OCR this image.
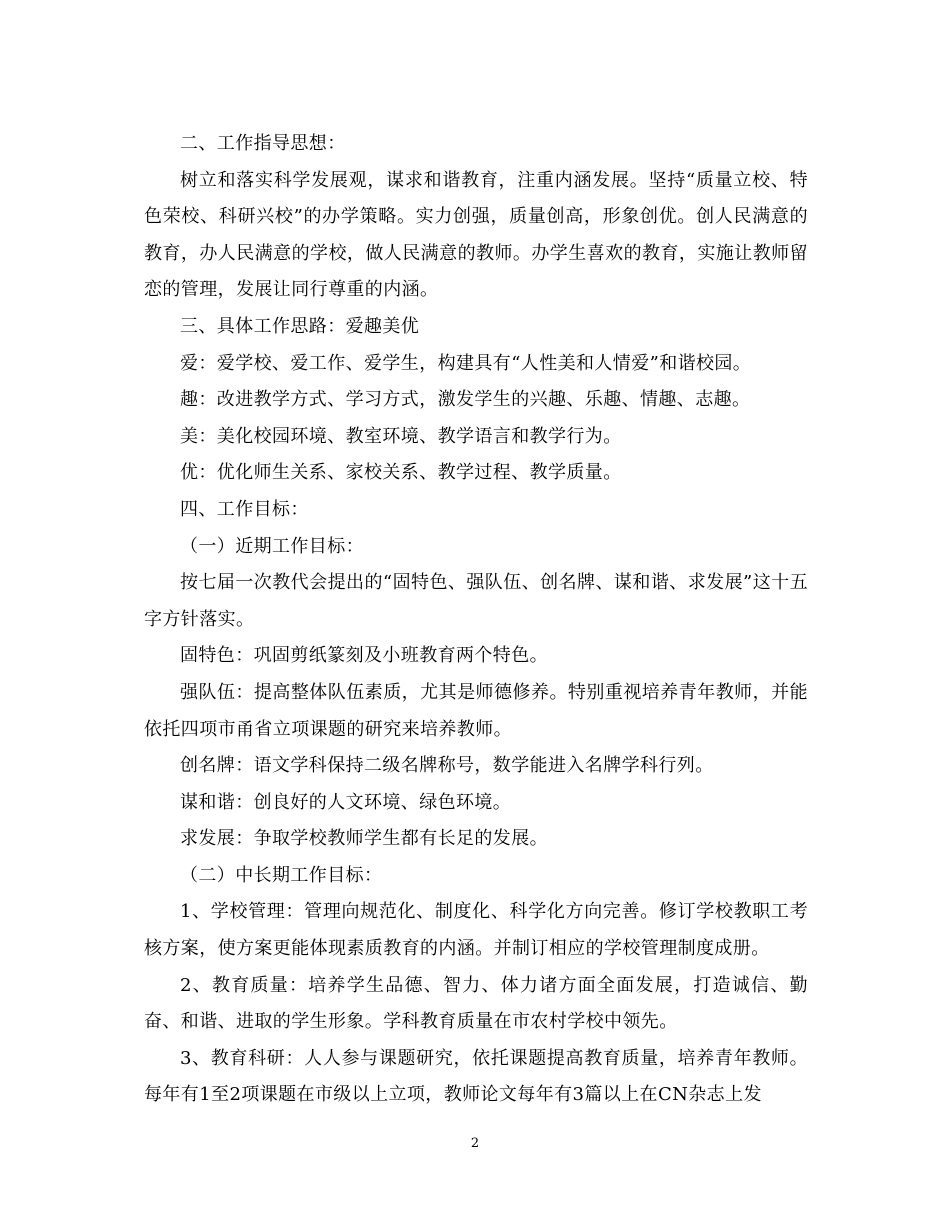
二、工作指导思想：

树立和落实科学发展观，谋求和谐教育，注重内涵发展。坚持“质量立校、特色荣校、科研兴校”的办学策略。实力创强，质量创高，形象创优。创人民满意的教育，办人民满意的学校，做人民满意的教师。办学生喜欢的教育，实施让教师留恋的管理，发展让同行尊重的内涵。

三、具体工作思路：爱趣美优

爱：爱学校、爱工作、爱学生，构建具有“人性美和人情爱”和谐校园。

趣：改进教学方式、学习方式，激发学生的兴趣、乐趣、情趣、志趣。

美：美化校园环境、教室环境、教学语言和教学行为。

优：优化师生关系、家校关系、教学过程、教学质量。

四、工作目标：

（一）近期工作目标：

按七届一次教代会提出的“固特色、强队伍、创名牌、谋和谐、求发展”这十五字方针落实。

固特色：巩固剪纸篆刻及小班教育两个特色。

强队伍：提高整体队伍素质，尤其是师德修养。特别重视培养青年教师，并能依托四项市甬省立项课题的研究来培养教师。

创名牌：语文学科保持二级名牌称号，数学能进入名牌学科行列。

谋和谐：创良好的人文环境、绿色环境。

求发展：争取学校教师学生都有长足的发展。

（二）中长期工作目标：

1、学校管理：管理向规范化、制度化、科学化方向完善。修订学校教职工考核方案，使方案更能体现素质教育的内涵。并制订相应的学校管理制度成册。

2、教育质量：培养学生品德、智力、体力诸方面全面发展，打造诚信、勤奋、和谐、进取的学生形象。学科教育质量在市农村学校中领先。

3、教育科研：人人参与课题研究，依托课题提高教育质量，培养青年教师。每年有1至2项课题在市级以上立项，教师论文每年有3篇以上在CN杂志上发

2
